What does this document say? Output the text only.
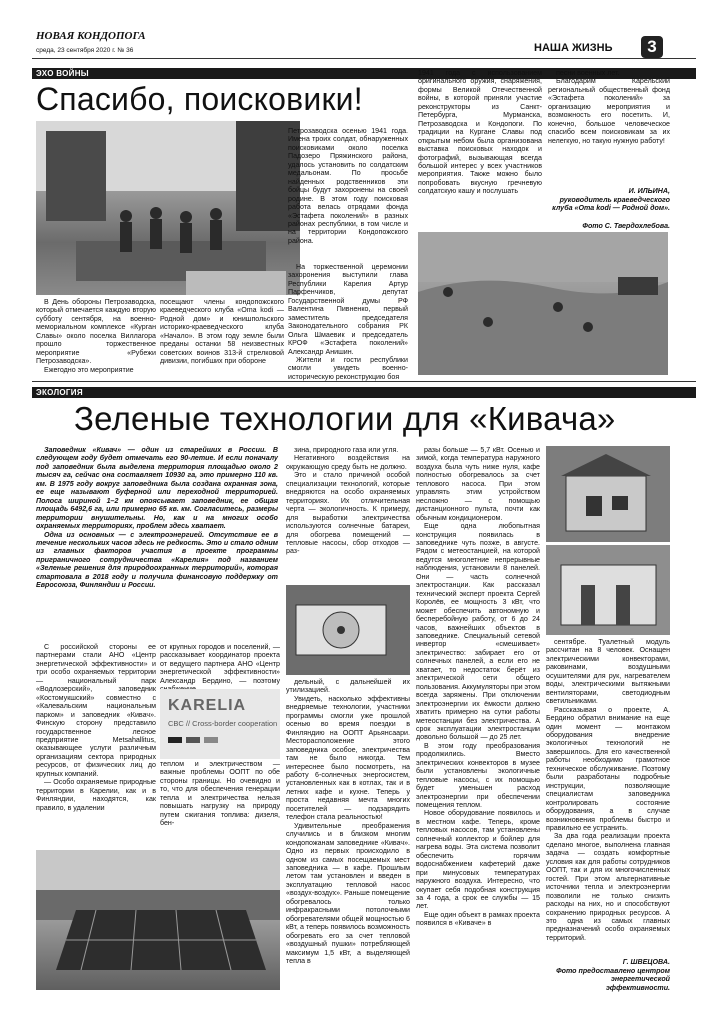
НОВАЯ КОНДОПОГА
среда, 23 сентября 2020 г. № 36	НАША ЖИЗНЬ	3
ЭХО ВОЙНЫ
Спасибо, поисковики!

В День обороны Петрозаводска, который отмечается каждую вторую субботу сентября, на военно-мемориальном комплексе «Курган Славы» около поселка Виллагора прошло торжественное мероприятие «Рубежи Петрозаводска».

Ежегодно это мероприятие

посещают члены кондопожского краеведческого клуба «Oma kodi — Родной дом» и юнишпольского историко-краеведческого клуба «Начало». В этом году земле были преданы останки 58 неизвестных советских воинов 313-й стрелковой дивизии, погибших при обороне
Петрозаводска осенью 1941 года. Имена троих солдат, обнаруженных поисковиками около поселка Падозеро Пряжинского района, удалось установить по солдатским медальонам. По просьбе найденных родственников эти бойцы будут захоронены на своей родине. В этом году поисковая работа велась отрядами фонда «Эстафета поколений» в разных районах республики, в том числе и на территории Кондопожского района.

На торжественной церемонии захоронения выступили глава Республики Карелия Артур Парфенчиков, депутат Государственной думы РФ Валентина Пивненко, первый заместитель председателя Законодательного собрания РК Ольга Шмаевик и председатель КРОФ «Эстафета поколений» Александр Анишин.

Жители и гости республики смогли увидеть военно-историческую реконструкцию боя

1941 года с использованием оригинального оружия, снаряжения, формы Великой Отечественной войны, в которой приняли участие реконструкторы из Санкт-Петербурга, Мурманска, Петрозаводска и Кондопоги. По традиции на Кургане Славы под открытым небом была организована выставка поисковых находок и фотографий, вызывающая всегда большой интерес у всех участников мероприятия. Также можно было попробовать вкусную гречневую солдатскую кашу и послушать

песни военных лет.

Благодарим Карельский региональный общественный фонд «Эстафета поколений» за организацию мероприятия и возможность его посетить. И, конечно, большое человеческое спасибо всем поисковикам за их нелегкую, но такую нужную работу!

И. ИЛЬИНА,
руководитель краеведческого клуба «Oma kodi — Родной дом».
Фото С. Твердохлебова.
ЭКОЛОГИЯ
Зеленые технологии для «Кивача»

Заповедник «Кивач» — один из старейших в России. В следующем году будет отмечать его 90-летие. И если поначалу под заповедник была выделена территория площадью около 2 тысяч га, сейчас она составляет 10930 га, это примерно 110 кв. км. В 1975 году вокруг заповедника была создана охранная зона, ее еще называют буферной или переходной территорией. Полоса шириной 1–2 км опоясывает заповедник, ее общая площадь 6492,6 га, или примерно 65 кв. км. Согласитесь, размеры территории внушительны. Но, как и на многих особо охраняемых территориях, проблем здесь хватает.

Одна из основных — с электроэнергией. Отсутствие ее в течение нескольких часов здесь не редкость. Это и стало одним из главных факторов участия в проекте программы приграничного сотрудничества «Карелия» под названием «Зеленые решения для природоохранных территорий», которая стартовала в 2018 году и получила финансовую поддержку от Евросоюза, Финляндии и России.

С российской стороны ее партнерами стали АНО «Центр энергетической эффективности» и три особо охраняемых территории — национальный парк «Водлозерский», заповедник «Костомукшский» совместно с «Калевальским национальным парком» и заповедник «Кивач». Финскую сторону представило государственное лесное предприятие Metsahallitus, оказывающее услуги различным организациям сектора природных ресурсов, от физических лиц до крупных компаний.

— Особо охраняемые природные территории в Карелии, как и в Финляндии, находятся, как правило, в удалении

от крупных городов и поселений, — рассказывает координатор проекта от ведущего партнера АНО «Центр энергетической эффективности» Александр Бердино, — поэтому
KARELIA
CBC // Cross-border cooperation
теплом и электричеством — важные проблемы ООПТ по обе стороны границы. Но очевидно и то, что для обеспечения генерации тепла и электричества нельзя повышать нагрузку на природу путем сжигания топлива: дизеля, бен-

зина, природного газа или угля.

Негативного воздействия на окружающую среду быть не должно.

Это и стало причиной особой специализации технологий, которые внедряются на особо охраняемых территориях. Их отличительная черта — экологичность. К примеру, для выработки электричества используются солнечные батареи, для обогрева помещений — тепловые насосы, сбор отходов — раз-

дельный, с дальнейшей их утилизацией.

Увидеть, насколько эффективны внедряемые технологии, участники программы смогли уже прошлой осенью во время поездки в Финляндию на ООПТ Арьянсаари. Месторасположение этого заповедника особое, электричества там не было никогда. Тем интереснее было посмотреть, на работу 6-солнечных энергосистем, установленных как в котлах, так и в летних кафе и кухне. Теперь у проста недавняя мечта многих посетителей — подзарядить телефон стала реальностью!

Удивительные преображения случились и в близком многим кондопожанам заповеднике «Кивач». Одно из первых происходило в одном из самых посещаемых мест заповедника — в кафе. Прошлым летом там установлен и введен в эксплуатацию тепловой насос «воздух-воздух». Раньше помещение обогревалось только инфракрасными потолочными обогревателями общей мощностью 6 кВт, а теперь появилось возможность обогревать его за счет тепловой «воздушный пушки» потребляющей максимум 1,5 кВт, а выделяющей тепла в

разы больше — 5,7 кВт. Осенью и зимой, когда температура наружного воздуха была чуть ниже нуля, кафе полностью обогревалось за счет теплового насоса. При этом управлять этим устройством несложно — с помощью дистанционного пульта, почти как обычным кондиционером.

Еще одна любопытная конструкция появилась в заповеднике чуть позже, в августе. Рядом с метеостанцией, на которой ведутся многолетние непрерывные наблюдения, установили 8 панелей. Они — часть солнечной электростанции. Как рассказал технический эксперт проекта Сергей Королёв, ее мощность 3 кВт, что может обеспечить автономную и бесперебойную работу, от 6 до 24 часов, важнейших объектов в заповеднике. Специальный сетевой инвертор «смешивает» электричество: забирает его от солнечных панелей, а если его не хватает, то недостаток берёт из электрической сети общего пользования. Аккумуляторы при этом всегда заряжены. При отключении электроэнергии их ёмкости должно хватить примерно на сутки работы метеостанции без электричества. А срок эксплуатации электростанции довольно большой — до 25 лет.

В этом году преобразования продолжились. Вместо электрических конвекторов в музее были установлены экологичные тепловые насосы, с их помощью будет уменьшен расход электроэнергии при обеспечении помещения теплом.

Новое оборудование появилось и в местном кафе. Теперь, кроме тепловых насосов, там установлены солнечный коллектор и бойлер для нагрева воды. Эта система позволит обеспечить горячим водоснабжением кафетерий даже при минусовых температурах наружного воздуха. Интересно, что окупает себя подобная конструкция за 4 года, а срок ее службы — 15 лет.

Еще один объект в рамках проекта появился в «Киваче» в

сентябре. Туалетный модуль рассчитан на 8 человек. Оснащен электрическими конвекторами, раковинами, воздушными осушителями для рук, нагревателем воды, электрическими вытяжными вентиляторами, светодиодным светильниками.

Рассказывая о проекте, А. Бердино обратил внимание на еще один момент — монтажом оборудования внедрение экологичных технологий не завершилось. Для его качественной работы необходимо грамотное техническое обслуживание. Поэтому были разработаны подробные инструкции, позволяющие специалистам заповедника контролировать состояние оборудования, а в случае возникновения проблемы быстро и правильно ее устранить.

За два года реализации проекта сделано многое, выполнена главная задача — создать комфортные условия как для работы сотрудников ООПТ, так и для их многочисленных гостей. При этом альтернативные источники тепла и электроэнергии позволили не только снизить расходы на них, но и способствуют сохранению природных ресурсов. А это одна из самых главных предназначений особо охраняемых территорий.

Г. ШВЕЦОВА.
Фото предоставлено центром энергетической эффективности.
